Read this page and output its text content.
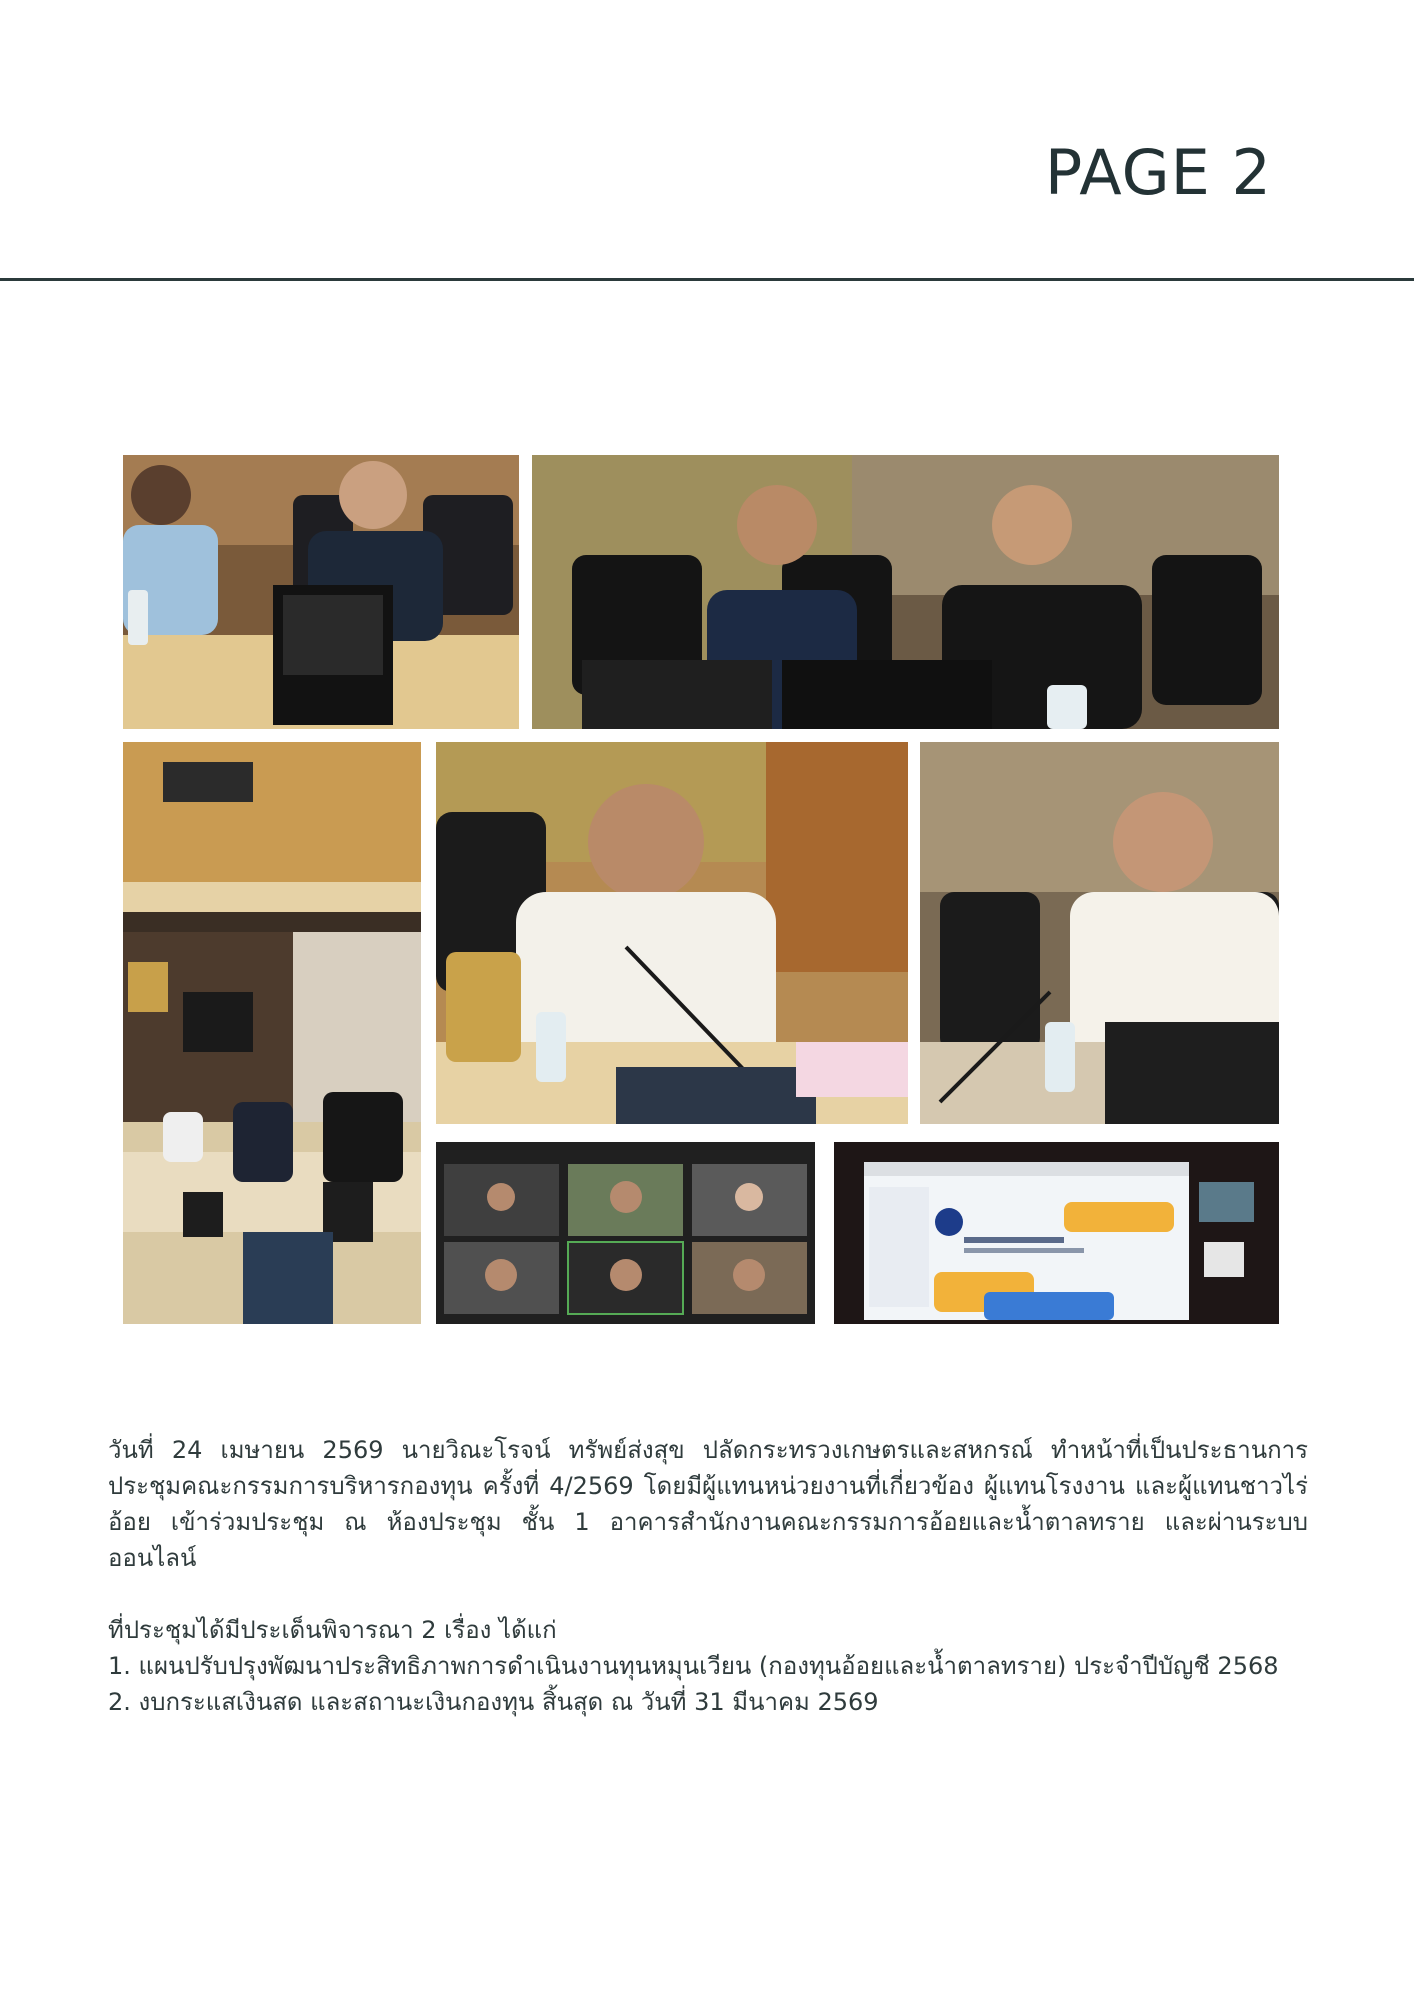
PAGE 2

วันที่ 24 เมษายน 2569 นายวิณะโรจน์ ทรัพย์ส่งสุข ปลัดกระทรวงเกษตรและสหกรณ์ ทำหน้าที่เป็นประธานการ ประชุมคณะกรรมการบริหารกองทุน ครั้งที่ 4/2569 โดยมีผู้แทนหน่วยงานที่เกี่ยวข้อง ผู้แทนโรงงาน และผู้แทนชาวไร่ อ้อย เข้าร่วมประชุม ณ ห้องประชุม ชั้น 1 อาคารสำนักงานคณะกรรมการอ้อยและน้ำตาลทราย และผ่านระบบออนไลน์

ที่ประชุมได้มีประเด็นพิจารณา 2 เรื่อง ได้แก่

1. แผนปรับปรุงพัฒนาประสิทธิภาพการดำเนินงานทุนหมุนเวียน (กองทุนอ้อยและน้ำตาลทราย) ประจำปีบัญชี 2568

2. งบกระแสเงินสด และสถานะเงินกองทุน สิ้นสุด ณ วันที่ 31 มีนาคม 2569
